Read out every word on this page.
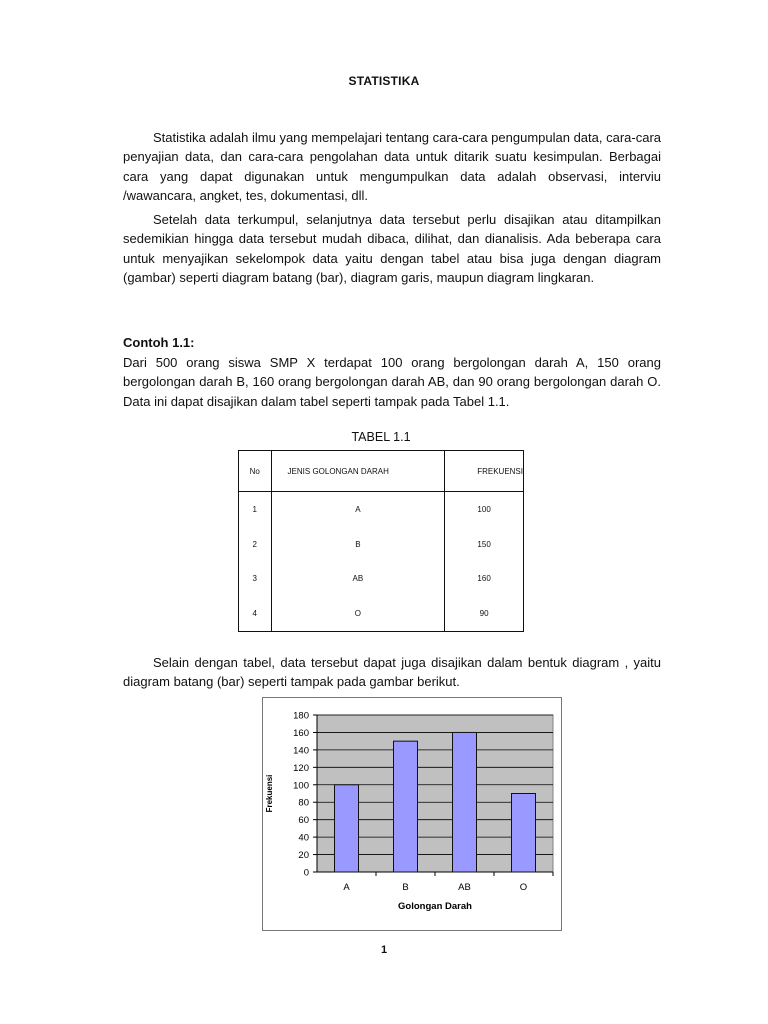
STATISTIKA

Statistika adalah ilmu yang mempelajari tentang cara-cara pengumpulan data, cara-cara penyajian data, dan cara-cara pengolahan data untuk ditarik suatu kesimpulan. Berbagai cara yang dapat digunakan untuk mengumpulkan data adalah observasi, interviu /wawancara, angket, tes, dokumentasi, dll.

Setelah data terkumpul, selanjutnya data tersebut perlu disajikan atau ditampilkan sedemikian hingga data tersebut mudah dibaca, dilihat, dan dianalisis. Ada beberapa cara untuk menyajikan sekelompok data yaitu dengan tabel atau bisa juga dengan diagram (gambar) seperti diagram batang (bar), diagram garis, maupun diagram lingkaran.

Contoh 1.1:

Dari 500 orang siswa SMP X terdapat 100 orang bergolongan darah A, 150 orang bergolongan darah B, 160 orang bergolongan darah AB, dan 90 orang bergolongan darah O. Data ini dapat disajikan dalam tabel seperti tampak pada Tabel 1.1.

TABEL 1.1
No	JENIS GOLONGAN DARAH	FREKUENSI
1	A	100
2	B	150
3	AB	160
4	O	90

Selain dengan tabel, data tersebut dapat juga disajikan dalam bentuk diagram , yaitu diagram batang (bar) seperti tampak pada gambar berikut.

0
20
40
60
80
100
120
140
160
180
A	B	AB	O
Golongan Darah
Frekuensi
1
